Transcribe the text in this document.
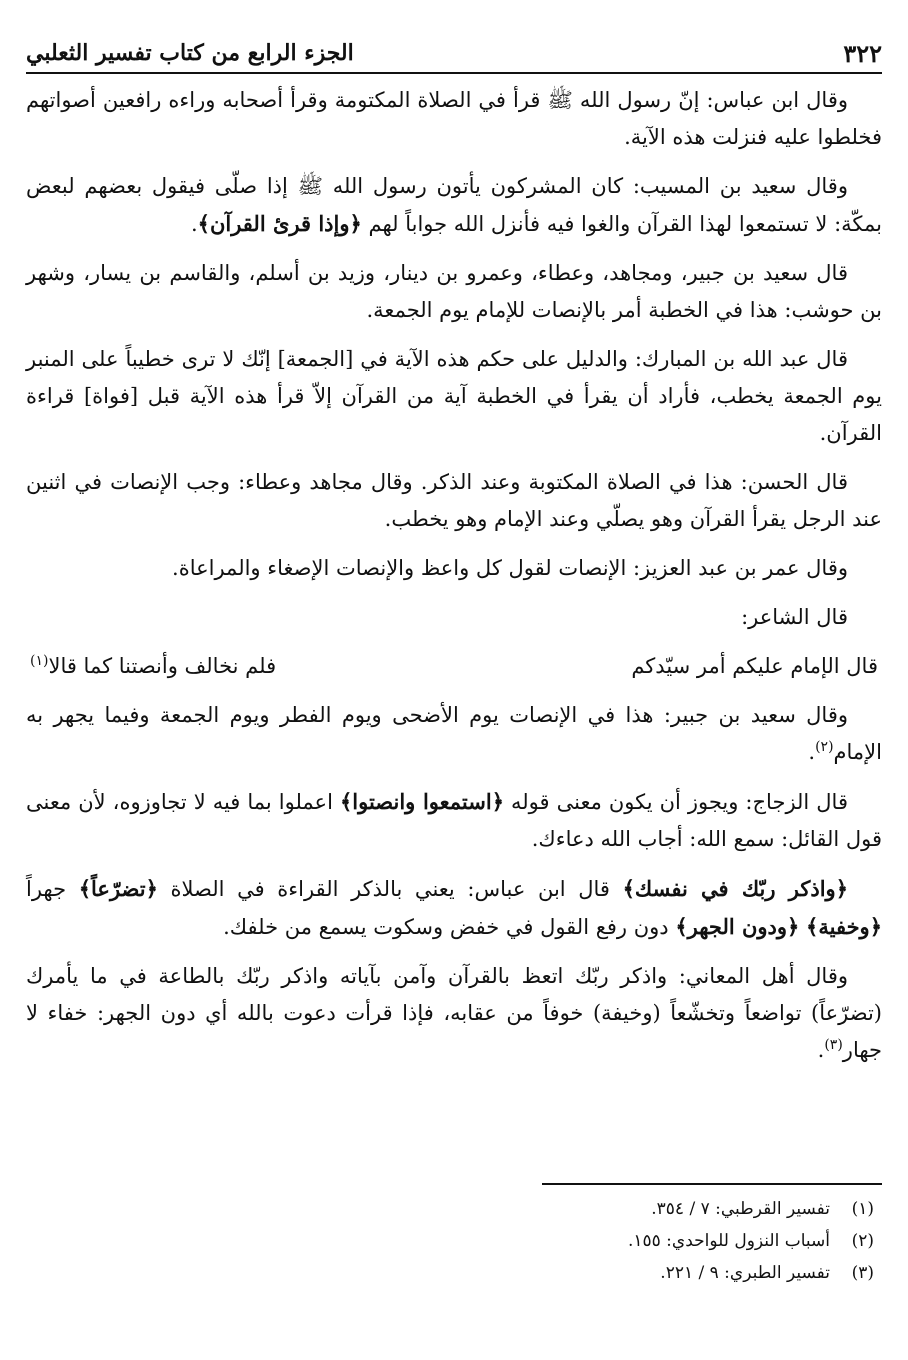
٣٢٢
الجزء الرابع من كتاب تفسير الثعلبي

وقال ابن عباس: إنّ رسول الله ﷺ قرأ في الصلاة المكتومة وقرأ أصحابه وراءه رافعين أصواتهم فخلطوا عليه فنزلت هذه الآية.

وقال سعيد بن المسيب: كان المشركون يأتون رسول الله ﷺ إذا صلّى فيقول بعضهم لبعض بمكّة: لا تستمعوا لهذا القرآن والغوا فيه فأنزل الله جواباً لهم ﴿وإذا قرئ القرآن﴾.

قال سعيد بن جبير، ومجاهد، وعطاء، وعمرو بن دينار، وزيد بن أسلم، والقاسم بن يسار، وشهر بن حوشب: هذا في الخطبة أمر بالإنصات للإمام يوم الجمعة.

قال عبد الله بن المبارك: والدليل على حكم هذه الآية في [الجمعة] إنّك لا ترى خطيباً على المنبر يوم الجمعة يخطب، فأراد أن يقرأ في الخطبة آية من القرآن إلاّ قرأ هذه الآية قبل [فواة] قراءة القرآن.

قال الحسن: هذا في الصلاة المكتوبة وعند الذكر. وقال مجاهد وعطاء: وجب الإنصات في اثنين عند الرجل يقرأ القرآن وهو يصلّي وعند الإمام وهو يخطب.

وقال عمر بن عبد العزيز: الإنصات لقول كل واعظ والإنصات الإصغاء والمراعاة.

قال الشاعر:

قال الإمام عليكم أمر سيّدكم
فلم نخالف وأنصتنا كما قالا$^{(١)}$

وقال سعيد بن جبير: هذا في الإنصات يوم الأضحى ويوم الفطر ويوم الجمعة وفيما يجهر به الإمام$^{(٢)}$.

قال الزجاج: ويجوز أن يكون معنى قوله ﴿استمعوا وانصتوا﴾ اعملوا بما فيه لا تجاوزوه، لأن معنى قول القائل: سمع الله: أجاب الله دعاءك.

﴿واذكر ربّك في نفسك﴾ قال ابن عباس: يعني بالذكر القراءة في الصلاة ﴿تضرّعاً﴾ جهراً ﴿وخفية﴾ ﴿ودون الجهر﴾ دون رفع القول في خفض وسكوت يسمع من خلفك.

وقال أهل المعاني: واذكر ربّك اتعظ بالقرآن وآمن بآياته واذكر ربّك بالطاعة في ما يأمرك (تضرّعاً) تواضعاً وتخشّعاً (وخيفة) خوفاً من عقابه، فإذا قرأت دعوت بالله أي دون الجهر: خفاء لا جهار$^{(٣)}$.

(١)
تفسير القرطبي: ٧ / ٣٥٤.
(٢)
أسباب النزول للواحدي: ١٥٥.
(٣)
تفسير الطبري: ٩ / ٢٢١.
